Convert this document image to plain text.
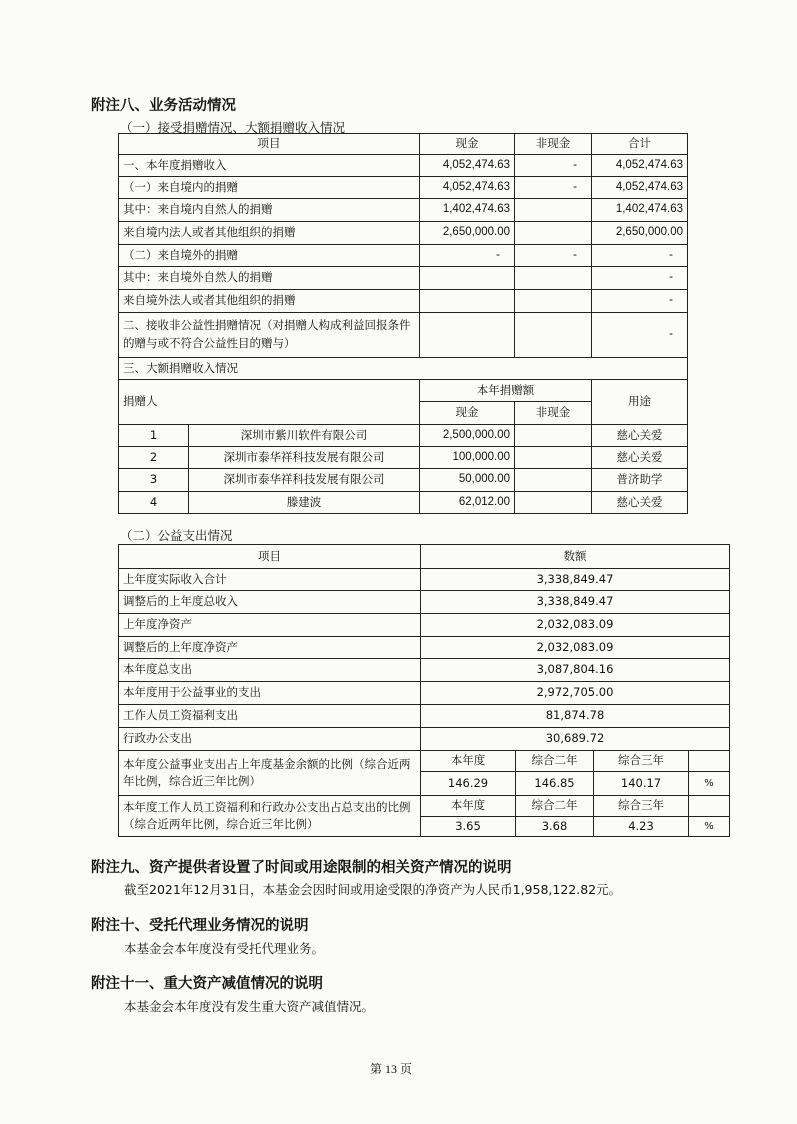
附注八、业务活动情况
（一）接受捐赠情况、大额捐赠收入情况
项目		现金	非现金	合计
一、本年度捐赠收入		4,052,474.63	-	4,052,474.63
（一）来自境内的捐赠		4,052,474.63	-	4,052,474.63
其中：来自境内自然人的捐赠		1,402,474.63		1,402,474.63
来自境内法人或者其他组织的捐赠		2,650,000.00		2,650,000.00
（二）来自境外的捐赠		-	-	-
其中：来自境外自然人的捐赠				-
来自境外法人或者其他组织的捐赠				-
二、接收非公益性捐赠情况（对捐赠人构成利益回报条件的赠与或不符合公益性目的赠与）				-
三、大额捐赠收入情况				
捐赠人		本年捐赠额		用途
		现金	非现金	
1	深圳市紫川软件有限公司	2,500,000.00		慈心关爱
2	深圳市泰华祥科技发展有限公司	100,000.00		慈心关爱
3	深圳市泰华祥科技发展有限公司	50,000.00		普济助学
4	滕建波	62,012.00		慈心关爱
（二）公益支出情况
项目	数额			
上年度实际收入合计	3,338,849.47			
调整后的上年度总收入	3,338,849.47			
上年度净资产	2,032,083.09			
调整后的上年度净资产	2,032,083.09			
本年度总支出	3,087,804.16			
本年度用于公益事业的支出	2,972,705.00			
工作人员工资福利支出	81,874.78			
行政办公支出	30,689.72			
本年度公益事业支出占上年度基金余额的比例（综合近两年比例，综合近三年比例）	本年度	综合二年	综合三年	
	146.29	146.85	140.17	%
本年度工作人员工资福利和行政办公支出占总支出的比例（综合近两年比例，综合近三年比例）	本年度	综合二年	综合三年	
	3.65	3.68	4.23	%
附注九、资产提供者设置了时间或用途限制的相关资产情况的说明
截至2021年12月31日，本基金会因时间或用途受限的净资产为人民币1,958,122.82元。
附注十、受托代理业务情况的说明
本基金会本年度没有受托代理业务。
附注十一、重大资产减值情况的说明
本基金会本年度没有发生重大资产减值情况。
第 13 页
